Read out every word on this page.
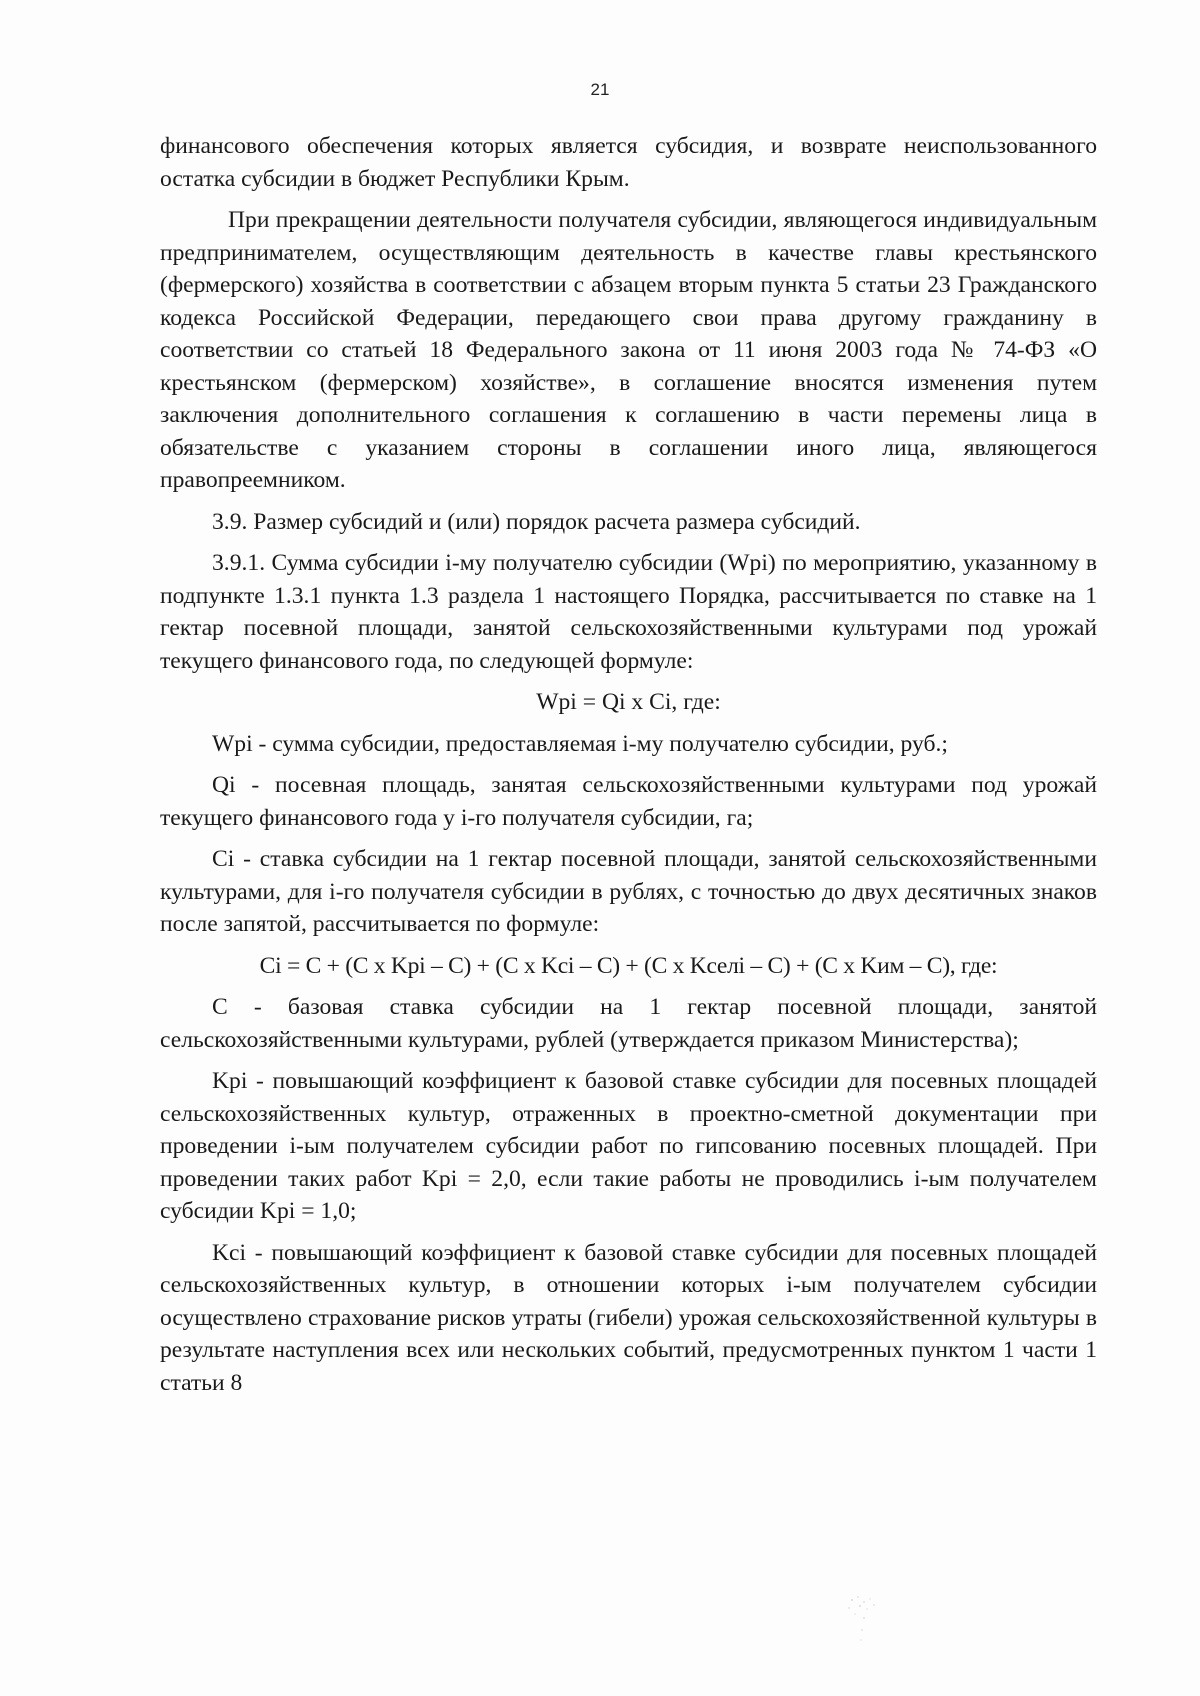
21

финансового обеспечения которых является субсидия, и возврате неиспользованного остатка субсидии в бюджет Республики Крым.

При прекращении деятельности получателя субсидии, являющегося индивидуальным предпринимателем, осуществляющим деятельность в качестве главы крестьянского (фермерского) хозяйства в соответствии с абзацем вторым пункта 5 статьи 23 Гражданского кодекса Российской Федерации, передающего свои права другому гражданину в соответствии со статьей 18 Федерального закона от 11 июня 2003 года № 74-ФЗ «О крестьянском (фермерском) хозяйстве», в соглашение вносятся изменения путем заключения дополнительного соглашения к соглашению в части перемены лица в обязательстве с указанием стороны в соглашении иного лица, являющегося правопреемником.

3.9. Размер субсидий и (или) порядок расчета размера субсидий.

3.9.1. Сумма субсидии i-му получателю субсидии (Wpi) по мероприятию, указанному в подпункте 1.3.1 пункта 1.3 раздела 1 настоящего Порядка, рассчитывается по ставке на 1 гектар посевной площади, занятой сельскохозяйственными культурами под урожай текущего финансового года, по следующей формуле:

Wpi = Qi x Ci, где:

Wpi - сумма субсидии, предоставляемая i-му получателю субсидии, руб.;

Qi - посевная площадь, занятая сельскохозяйственными культурами под урожай текущего финансового года у i-го получателя субсидии, га;

Ci - ставка субсидии на 1 гектар посевной площади, занятой сельскохозяйственными культурами, для i-го получателя субсидии в рублях, с точностью до двух десятичных знаков после запятой, рассчитывается по формуле:

Ci = C + (C x Kpi – C) + (C x Kci – C) + (C x Kселi – C) + (C x Kим – C), где:

C - базовая ставка субсидии на 1 гектар посевной площади, занятой сельскохозяйственными культурами, рублей (утверждается приказом Министерства);

Kpi - повышающий коэффициент к базовой ставке субсидии для посевных площадей сельскохозяйственных культур, отраженных в проектно-сметной документации при проведении i-ым получателем субсидии работ по гипсованию посевных площадей. При проведении таких работ Kpi = 2,0, если такие работы не проводились i-ым получателем субсидии Kpi = 1,0;

Kci - повышающий коэффициент к базовой ставке субсидии для посевных площадей сельскохозяйственных культур, в отношении которых i-ым получателем субсидии осуществлено страхование рисков утраты (гибели) урожая сельскохозяйственной культуры в результате наступления всех или нескольких событий, предусмотренных пунктом 1 части 1 статьи 8
